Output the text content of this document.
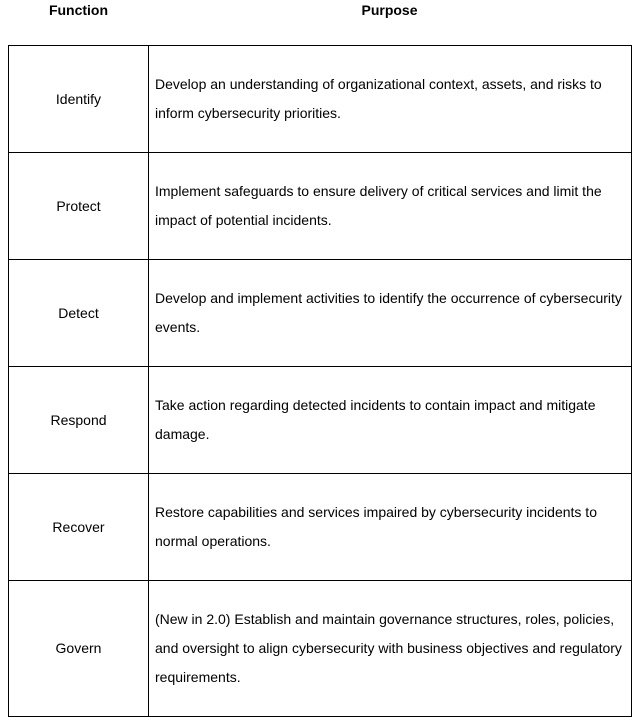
Function	Purpose
Identify	Develop an understanding of organizational context, assets, and risks to inform cybersecurity priorities.
Protect	Implement safeguards to ensure delivery of critical services and limit the impact of potential incidents.
Detect	Develop and implement activities to identify the occurrence of cybersecurity events.
Respond	Take action regarding detected incidents to contain impact and mitigate damage.
Recover	Restore capabilities and services impaired by cybersecurity incidents to normal operations.
Govern	(New in 2.0) Establish and maintain governance structures, roles, policies, and oversight to align cybersecurity with business objectives and regulatory requirements.
